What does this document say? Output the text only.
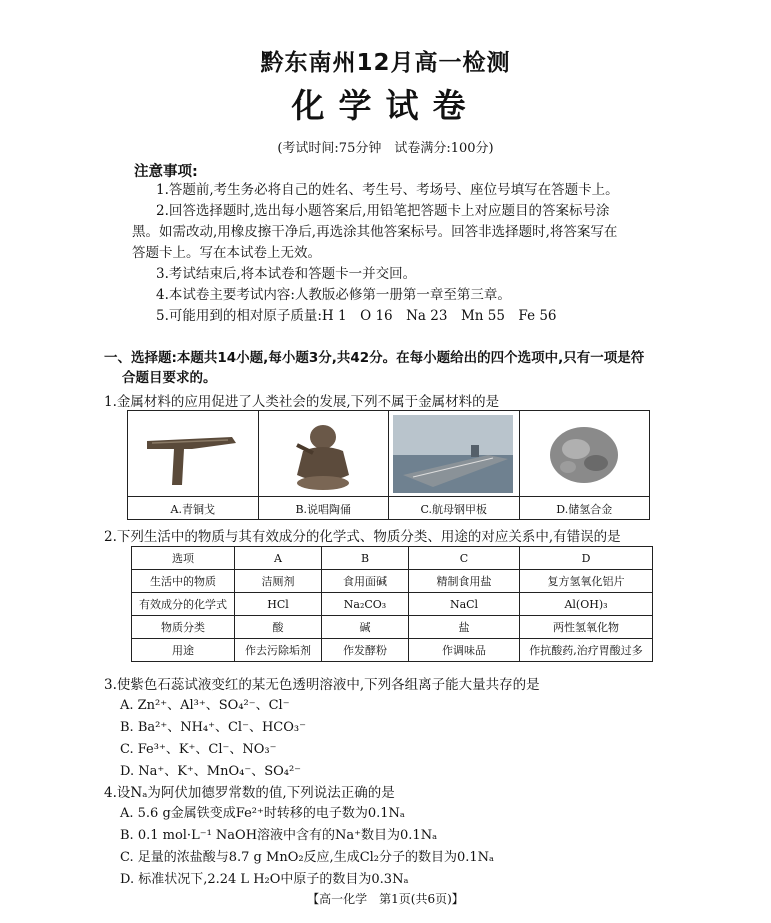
黔东南州12月高一检测
化学试卷
(考试时间:75分钟　试卷满分:100分)
注意事项:
1.答题前,考生务必将自己的姓名、考生号、考场号、座位号填写在答题卡上。
2.回答选择题时,选出每小题答案后,用铅笔把答题卡上对应题目的答案标号涂
黑。如需改动,用橡皮擦干净后,再选涂其他答案标号。回答非选择题时,将答案写在
答题卡上。写在本试卷上无效。
3.考试结束后,将本试卷和答题卡一并交回。
4.本试卷主要考试内容:人教版必修第一册第一章至第三章。
5.可能用到的相对原子质量:H 1　O 16　Na 23　Mn 55　Fe 56
一、选择题:本题共14小题,每小题3分,共42分。在每小题给出的四个选项中,只有一项是符
合题目要求的。
1.金属材料的应用促进了人类社会的发展,下列不属于金属材料的是
A.青铜戈	B.说唱陶俑	C.航母钢甲板	D.储氢合金
2.下列生活中的物质与其有效成分的化学式、物质分类、用途的对应关系中,有错误的是
选项	A	B	C	D
生活中的物质	洁厕剂	食用面碱	精制食用盐	复方氢氧化铝片
有效成分的化学式	HCl	Na₂CO₃	NaCl	Al(OH)₃
物质分类	酸	碱	盐	两性氢氧化物
用途	作去污除垢剂	作发酵粉	作调味品	作抗酸药,治疗胃酸过多
3.使紫色石蕊试液变红的某无色透明溶液中,下列各组离子能大量共存的是
A. Zn²⁺、Al³⁺、SO₄²⁻、Cl⁻
B. Ba²⁺、NH₄⁺、Cl⁻、HCO₃⁻
C. Fe³⁺、K⁺、Cl⁻、NO₃⁻
D. Na⁺、K⁺、MnO₄⁻、SO₄²⁻
4.设Nₐ为阿伏加德罗常数的值,下列说法正确的是
A. 5.6 g金属铁变成Fe²⁺时转移的电子数为0.1Nₐ
B. 0.1 mol·L⁻¹ NaOH溶液中含有的Na⁺数目为0.1Nₐ
C. 足量的浓盐酸与8.7 g MnO₂反应,生成Cl₂分子的数目为0.1Nₐ
D. 标准状况下,2.24 L H₂O中原子的数目为0.3Nₐ
【高一化学　第1页(共6页)】
